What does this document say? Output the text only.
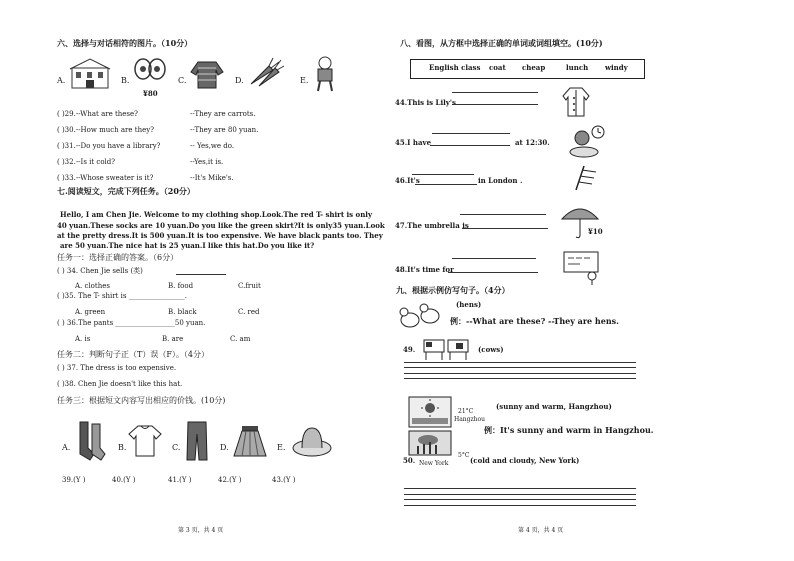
六、选择与对话相符的图片。（10分）
A.	B.
¥80
C.	D.	E.
( )29.--What are these?	--They are carrots.
( )30.--How much are they?	--They are 80 yuan.
( )31.--Do you have a library?	-- Yes,we do.
( )32.--Is it cold?	--Yes,it is.
( )33.--Whose sweater is it?	--It's Mike's.
七.阅读短文，完成下列任务。（20分）
Hello, I am Chen Jie. Welcome to my clothing shop.Look.The red T- shirt is only
40 yuan.These socks are 10 yuan.Do you like the green skirt?It is only35 yuan.Look
at the pretty dress.It is 500 yuan.It is too expensive. We have black pants too. They
are 50 yuan.The nice hat is 25 yuan.I like this hat.Do you like it?
任务一：选择正确的答案。（6分）
( ) 34. Chen Jie sells (类)
A. clothes	B. food	C.fruit
( )35. The T- shirt is ________________.
A. green	B. black	C. red
( ) 36.The pants _________________50 yuan.
A. is	B. are	C. am
任务二：判断句子正（T）误（F）。（4分）
( ) 37. The dress is too expensive.
( )38. Chen Jie doesn't like this hat.
任务三：根据短文内容写出相应的价钱。(10分)
A.	B.	C.	D.	E.
39.(Y )	40.(Y )	41.(Y )	42.(Y )	43.(Y )
第 3 页，共 4 页
八、看图，从方框中选择正确的单词或词组填空。(10分)
English class coat cheap	lunch windy
44.This is Lily's
45.I have	at 12:30.
46.It's	in London .
47.The umbrella is
¥10
48.It's time for
九、根据示例仿写句子。（4分）
(hens)
例：--What are these? --They are hens.
49.	(cows)
21°C
Hangzhou
(sunny and warm, Hangzhou)
例：It's sunny and warm in Hangzhou.
50. New York
5°C
(cold and cloudy, New York)
第 4 页，共 4 页
